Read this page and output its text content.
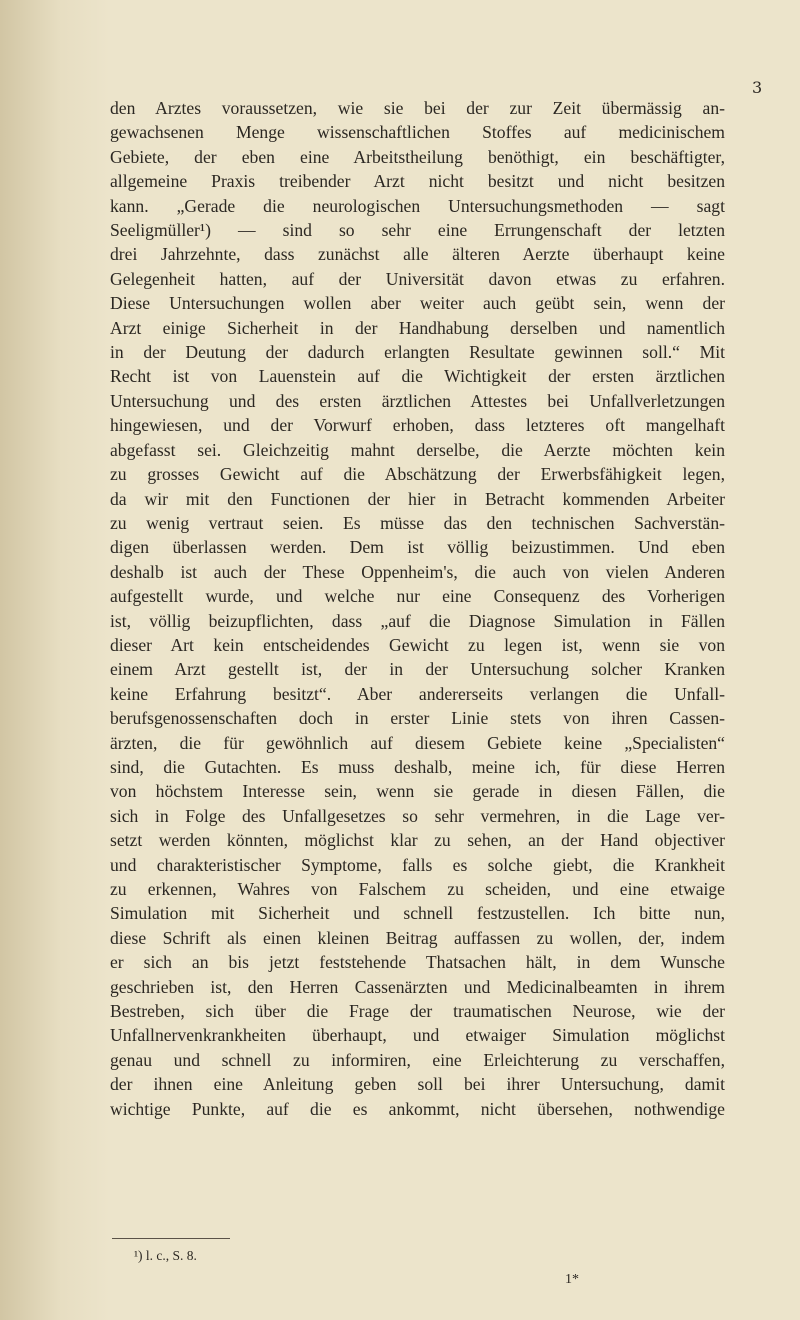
3
den Arztes voraussetzen, wie sie bei der zur Zeit übermässig an-
gewachsenen Menge wissenschaftlichen Stoffes auf medicinischem
Gebiete, der eben eine Arbeitstheilung benöthigt, ein beschäftigter,
allgemeine Praxis treibender Arzt nicht besitzt und nicht besitzen
kann. „Gerade die neurologischen Untersuchungsmethoden — sagt
Seeligmüller¹) — sind so sehr eine Errungenschaft der letzten
drei Jahrzehnte, dass zunächst alle älteren Aerzte überhaupt keine
Gelegenheit hatten, auf der Universität davon etwas zu erfahren.
Diese Untersuchungen wollen aber weiter auch geübt sein, wenn der
Arzt einige Sicherheit in der Handhabung derselben und namentlich
in der Deutung der dadurch erlangten Resultate gewinnen soll.“ Mit
Recht ist von Lauenstein auf die Wichtigkeit der ersten ärztlichen
Untersuchung und des ersten ärztlichen Attestes bei Unfallverletzungen
hingewiesen, und der Vorwurf erhoben, dass letzteres oft mangelhaft
abgefasst sei. Gleichzeitig mahnt derselbe, die Aerzte möchten kein
zu grosses Gewicht auf die Abschätzung der Erwerbsfähigkeit legen,
da wir mit den Functionen der hier in Betracht kommenden Arbeiter
zu wenig vertraut seien. Es müsse das den technischen Sachverstän-
digen überlassen werden. Dem ist völlig beizustimmen. Und eben
deshalb ist auch der These Oppenheim's, die auch von vielen Anderen
aufgestellt wurde, und welche nur eine Consequenz des Vorherigen
ist, völlig beizupflichten, dass „auf die Diagnose Simulation in Fällen
dieser Art kein entscheidendes Gewicht zu legen ist, wenn sie von
einem Arzt gestellt ist, der in der Untersuchung solcher Kranken
keine Erfahrung besitzt“. Aber andererseits verlangen die Unfall-
berufsgenossenschaften doch in erster Linie stets von ihren Cassen-
ärzten, die für gewöhnlich auf diesem Gebiete keine „Specialisten“
sind, die Gutachten. Es muss deshalb, meine ich, für diese Herren
von höchstem Interesse sein, wenn sie gerade in diesen Fällen, die
sich in Folge des Unfallgesetzes so sehr vermehren, in die Lage ver-
setzt werden könnten, möglichst klar zu sehen, an der Hand objectiver
und charakteristischer Symptome, falls es solche giebt, die Krankheit
zu erkennen, Wahres von Falschem zu scheiden, und eine etwaige
Simulation mit Sicherheit und schnell festzustellen. Ich bitte nun,
diese Schrift als einen kleinen Beitrag auffassen zu wollen, der, indem
er sich an bis jetzt feststehende Thatsachen hält, in dem Wunsche
geschrieben ist, den Herren Cassenärzten und Medicinalbeamten in ihrem
Bestreben, sich über die Frage der traumatischen Neurose, wie der
Unfallnervenkrankheiten überhaupt, und etwaiger Simulation möglichst
genau und schnell zu informiren, eine Erleichterung zu verschaffen,
der ihnen eine Anleitung geben soll bei ihrer Untersuchung, damit
wichtige Punkte, auf die es ankommt, nicht übersehen, nothwendige
¹) l. c., S. 8.
1*
